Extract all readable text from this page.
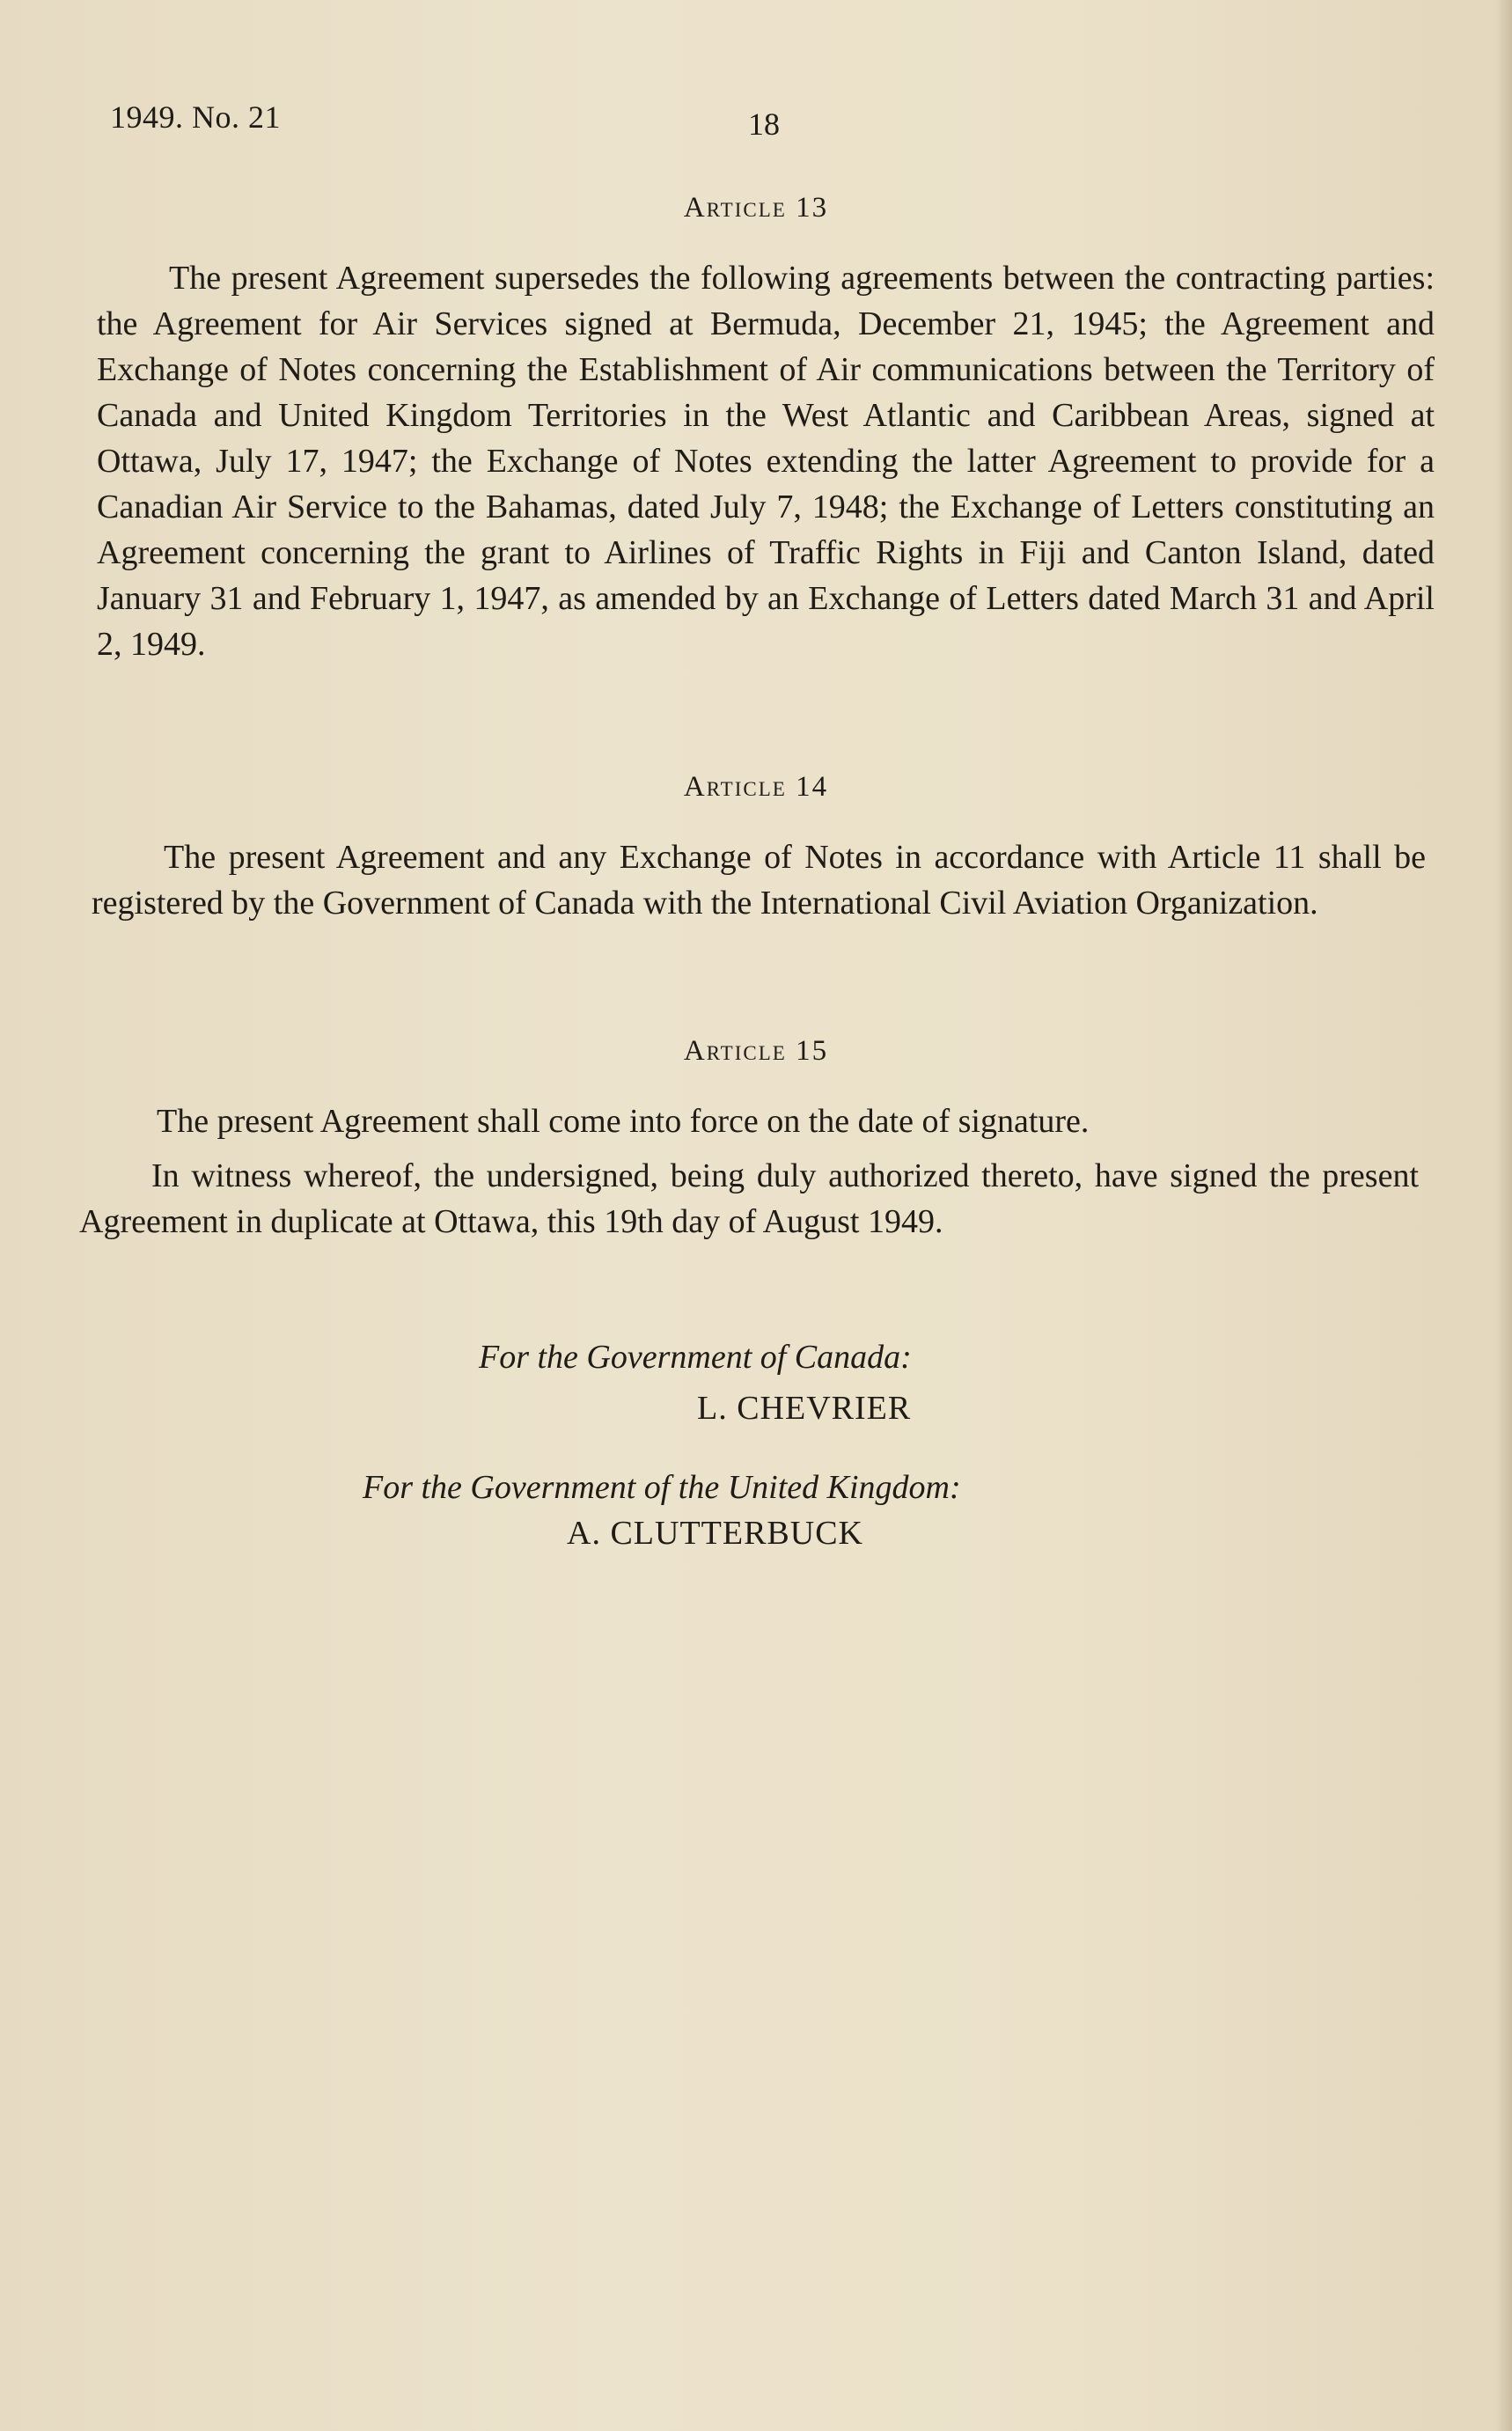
1949. No. 21	18
Article 13

The present Agreement supersedes the following agreements between the contracting parties: the Agreement for Air Services signed at Bermuda, December 21, 1945; the Agreement and Exchange of Notes concerning the Establishment of Air communications between the Territory of Canada and United Kingdom Territories in the West Atlantic and Caribbean Areas, signed at Ottawa, July 17, 1947; the Exchange of Notes extending the latter Agreement to provide for a Canadian Air Service to the Bahamas, dated July 7, 1948; the Exchange of Letters constituting an Agreement concerning the grant to Airlines of Traffic Rights in Fiji and Canton Island, dated January 31 and February 1, 1947, as amended by an Exchange of Letters dated March 31 and April 2, 1949.

Article 14

The present Agreement and any Exchange of Notes in accordance with Article 11 shall be registered by the Government of Canada with the International Civil Aviation Organization.

Article 15

The present Agreement shall come into force on the date of signature.

In witness whereof, the undersigned, being duly authorized thereto, have signed the present Agreement in duplicate at Ottawa, this 19th day of August 1949.

For the Government of Canada:
L. CHEVRIER
For the Government of the United Kingdom:
A. CLUTTERBUCK
